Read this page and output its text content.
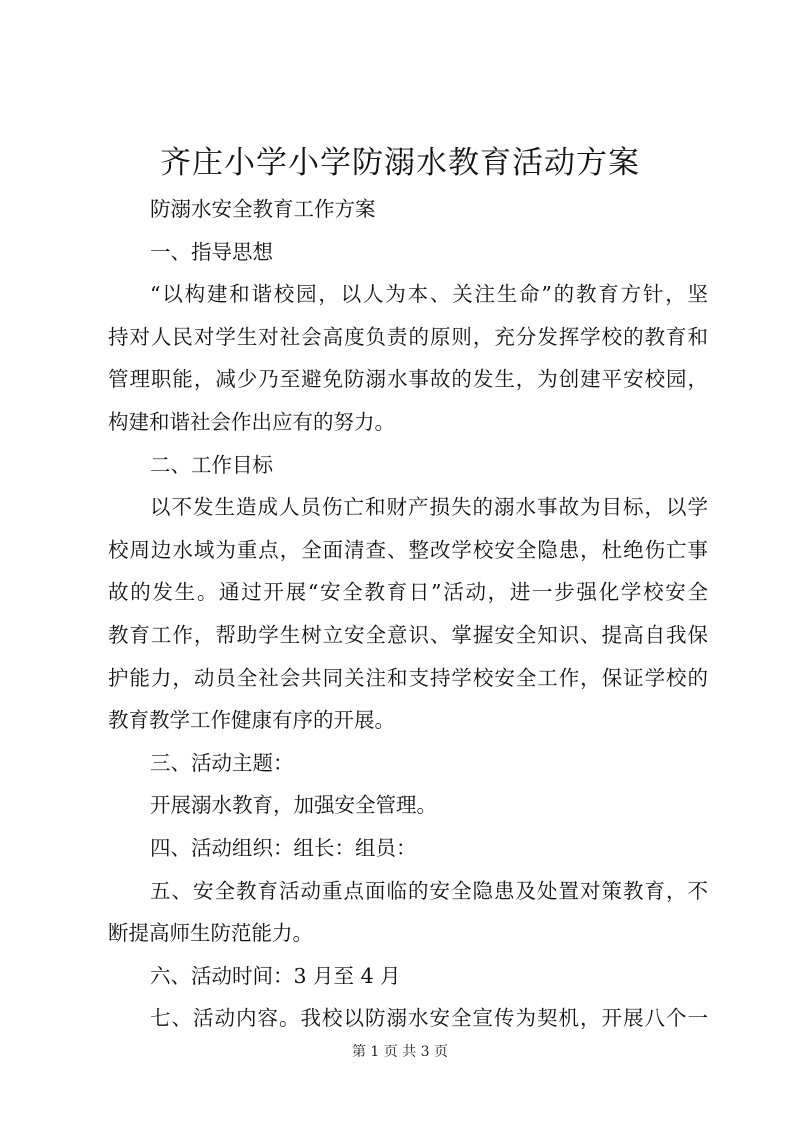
齐庄小学小学防溺水教育活动方案
防溺水安全教育工作方案
一、指导思想
“以构建和谐校园，以人为本、关注生命”的教育方针，坚
持对人民对学生对社会高度负责的原则，充分发挥学校的教育和
管理职能，减少乃至避免防溺水事故的发生，为创建平安校园，
构建和谐社会作出应有的努力。
二、工作目标
以不发生造成人员伤亡和财产损失的溺水事故为目标，以学
校周边水域为重点，全面清查、整改学校安全隐患，杜绝伤亡事
故的发生。通过开展“安全教育日”活动，进一步强化学校安全
教育工作，帮助学生树立安全意识、掌握安全知识、提高自我保
护能力，动员全社会共同关注和支持学校安全工作，保证学校的
教育教学工作健康有序的开展。
三、活动主题：
开展溺水教育，加强安全管理。
四、活动组织：组长：组员：
五、安全教育活动重点面临的安全隐患及处置对策教育，不
断提高师生防范能力。
六、活动时间：3 月至 4 月
七、活动内容。我校以防溺水安全宣传为契机，开展八个一
第 1 页 共 3 页
